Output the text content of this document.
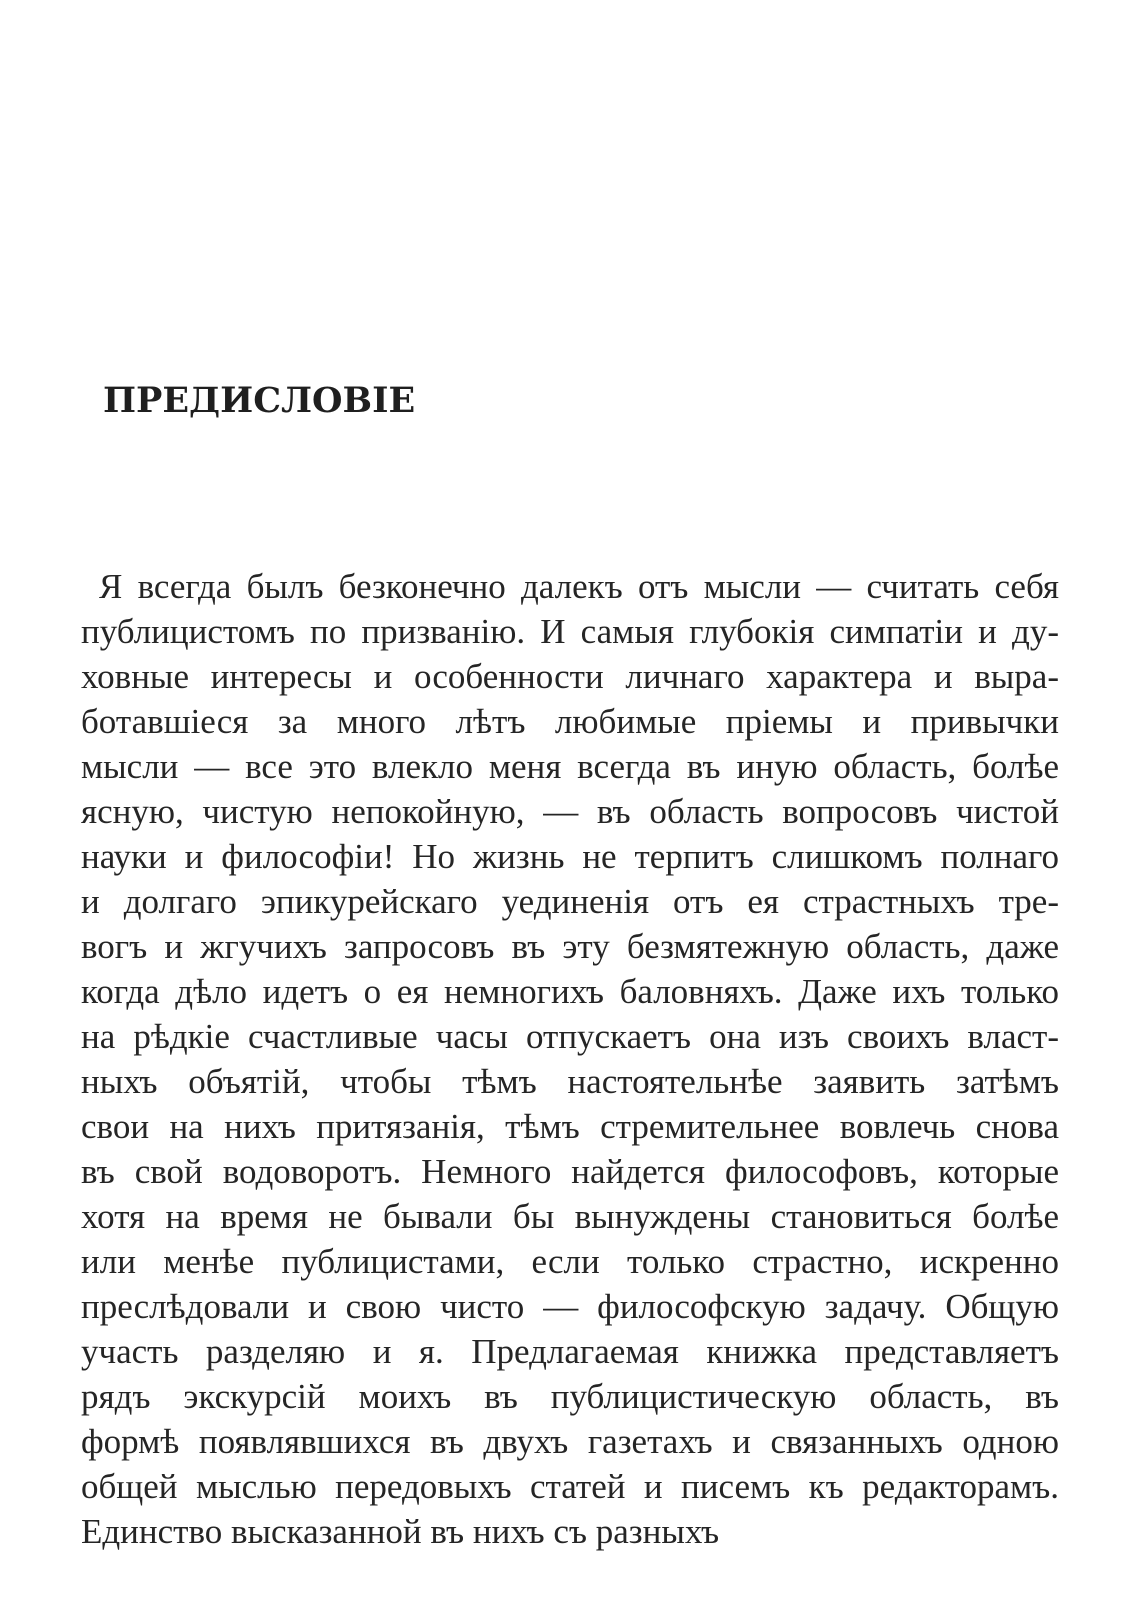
ПРЕДИСЛОВІЕ
Я всегда былъ безконечно далекъ отъ мысли — считать себя
публицистомъ по призванію. И самыя глубокія симпатіи и ду-
ховные интересы и особенности личнаго характера и выра-
ботавшіеся за много лѣтъ любимые пріемы и привычки
мысли — все это влекло меня всегда въ иную область, болѣе
ясную, чистую непокойную, — въ область вопросовъ чистой
науки и философіи! Но жизнь не терпитъ слишкомъ полнаго
и долгаго эпикурейскаго уединенія отъ ея страстныхъ тре-
вогъ и жгучихъ запросовъ въ эту безмятежную область, даже
когда дѣло идетъ о ея немногихъ баловняхъ. Даже ихъ только
на рѣдкіе счастливые часы отпускаетъ она изъ своихъ власт-
ныхъ объятій, чтобы тѣмъ настоятельнѣе заявить затѣмъ
свои на нихъ притязанія, тѣмъ стремительнее вовлечь снова
въ свой водоворотъ. Немного найдется философовъ, которые
хотя на время не бывали бы вынуждены становиться болѣе
или менѣе публицистами, если только страстно, искренно
преслѣдовали и свою чисто — философскую задачу. Общую
участь разделяю и я. Предлагаемая книжка представляетъ
рядъ экскурсій моихъ въ публицистическую область, въ
формѣ появлявшихся въ двухъ газетахъ и связанныхъ одною
общей мыслью передовыхъ статей и писемъ къ редакторамъ.
Единство высказанной въ нихъ съ разныхъ
